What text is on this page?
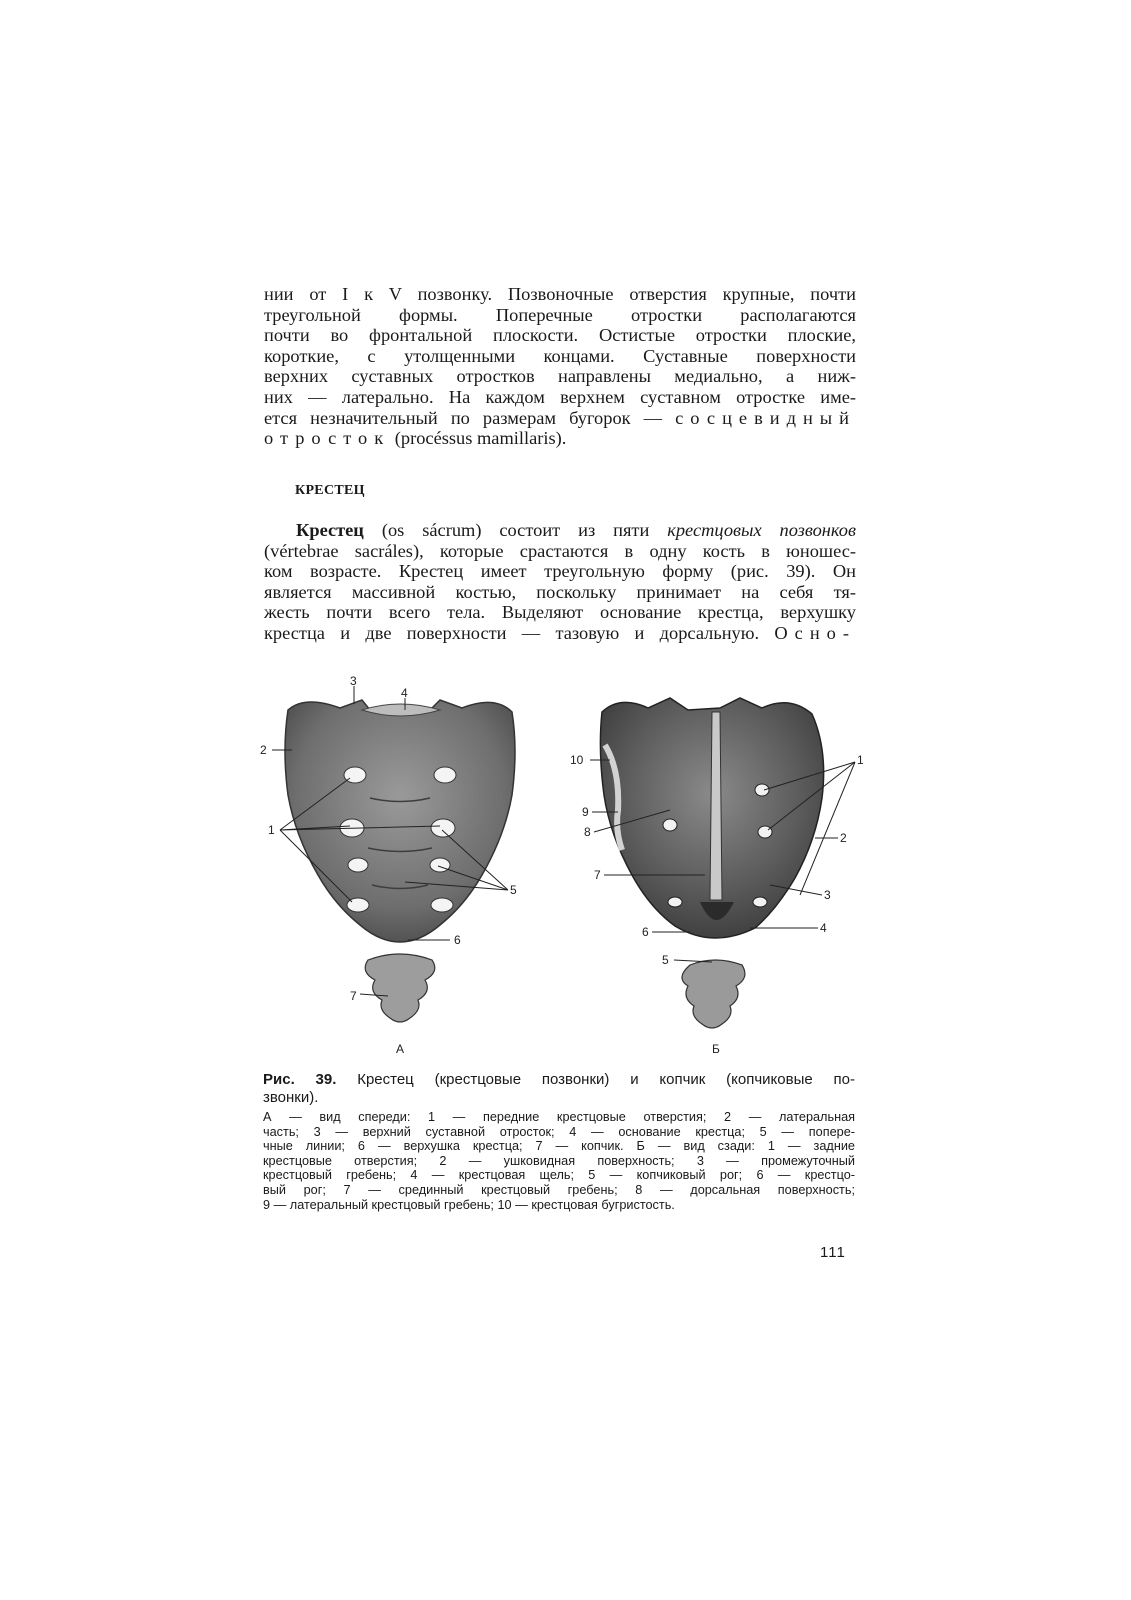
нии от I к V позвонку. Позвоночные отверстия крупные, почти
треугольной формы. Поперечные отростки располагаются
почти во фронтальной плоскости. Остистые отростки плоские,
короткие, с утолщенными концами. Суставные поверхности
верхних суставных отростков направлены медиально, а ниж-
них — латерально. На каждом верхнем суставном отростке име-
ется незначительный по размерам бугорок — сосцевидный
отросток (procéssus mamillaris).
КРЕСТЕЦ
Крестец (os sácrum) состоит из пяти крестцовых позвонков
(vértebrae sacráles), которые срастаются в одну кость в юношес-
ком возрасте. Крестец имеет треугольную форму (рис. 39). Он
является массивной костью, поскольку принимает на себя тя-
жесть почти всего тела. Выделяют основание крестца, верхушку
крестца и две поверхности — тазовую и дорсальную. Осно-
3
4
2
1
5
6
7
А
10	1
9
8	2
7
3
6	4
5
Б
Рис. 39. Крестец (крестцовые позвонки) и копчик (копчиковые по-
звонки).
А — вид спереди: 1 — передние крестцовые отверстия; 2 — латеральная
часть; 3 — верхний суставной отросток; 4 — основание крестца; 5 — попере-
чные линии; 6 — верхушка крестца; 7 — копчик. Б — вид сзади: 1 — задние
крестцовые отверстия; 2 — ушковидная поверхность; 3 — промежуточный
крестцовый гребень; 4 — крестцовая щель; 5 — копчиковый рог; 6 — крестцо-
вый рог; 7 — срединный крестцовый гребень; 8 — дорсальная поверхность;
9 — латеральный крестцовый гребень; 10 — крестцовая бугристость.

111
